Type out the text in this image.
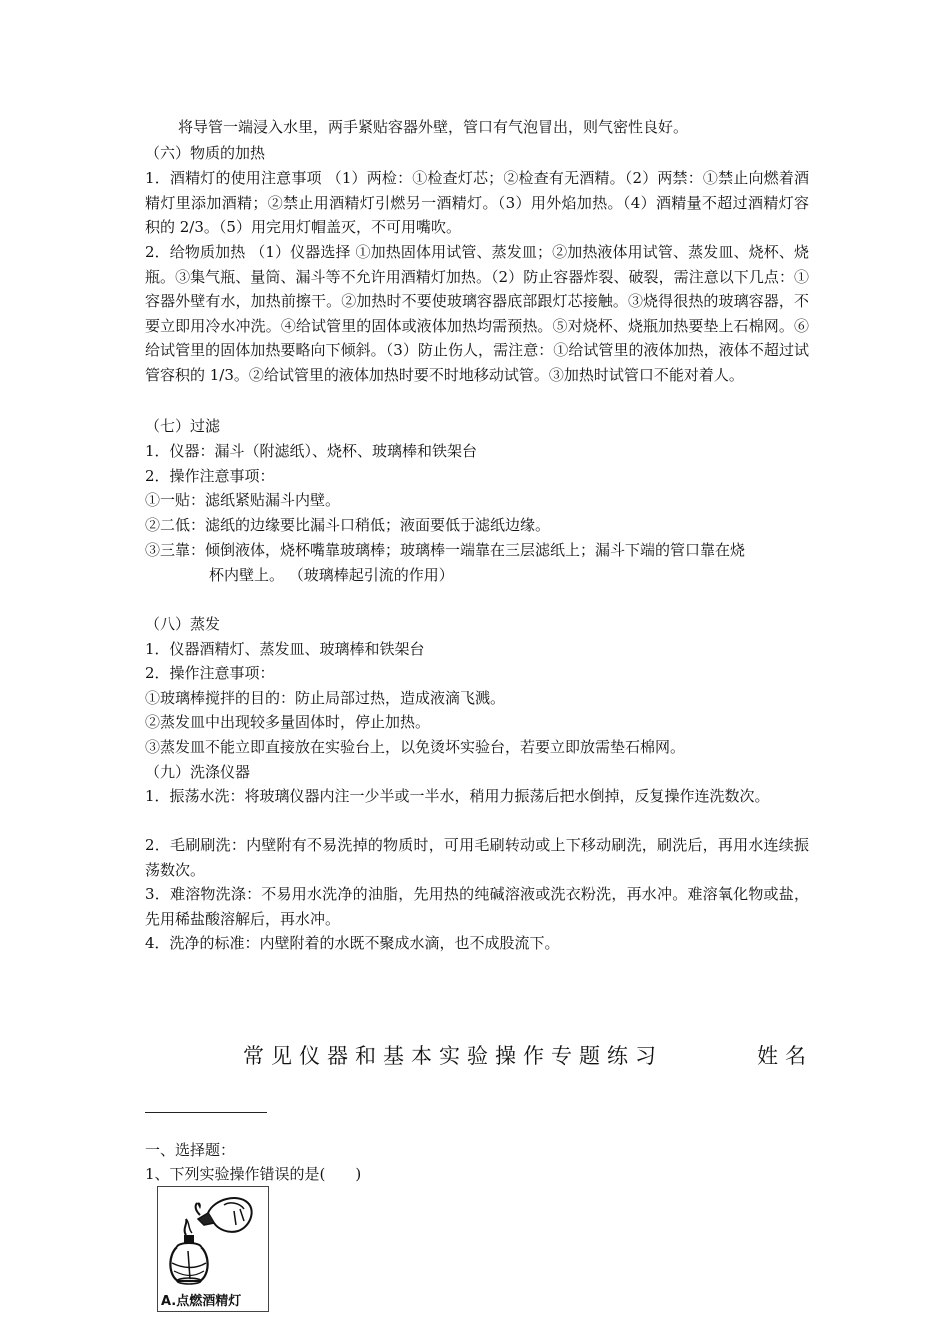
将导管一端浸入水里，两手紧贴容器外壁，管口有气泡冒出，则气密性良好。
（六）物质的加热
1．酒精灯的使用注意事项 （1）两检：①检查灯芯；②检查有无酒精。（2）两禁：①禁止向燃着酒精灯里添加酒精；②禁止用酒精灯引燃另一酒精灯。（3）用外焰加热。（4）酒精量不超过酒精灯容积的 2/3。（5）用完用灯帽盖灭，不可用嘴吹。
2．给物质加热 （1）仪器选择 ①加热固体用试管、蒸发皿；②加热液体用试管、蒸发皿、烧杯、烧瓶。③集气瓶、量筒、漏斗等不允许用酒精灯加热。（2）防止容器炸裂、破裂，需注意以下几点：①容器外壁有水，加热前擦干。②加热时不要使玻璃容器底部跟灯芯接触。③烧得很热的玻璃容器，不要立即用冷水冲洗。④给试管里的固体或液体加热均需预热。⑤对烧杯、烧瓶加热要垫上石棉网。⑥给试管里的固体加热要略向下倾斜。（3）防止伤人，需注意：①给试管里的液体加热，液体不超过试管容积的 1/3。②给试管里的液体加热时要不时地移动试管。③加热时试管口不能对着人。
（七）过滤
1．仪器：漏斗（附滤纸）、烧杯、玻璃棒和铁架台
2．操作注意事项：
①一贴：滤纸紧贴漏斗内壁。
②二低：滤纸的边缘要比漏斗口稍低；液面要低于滤纸边缘。
③三靠：倾倒液体，烧杯嘴靠玻璃棒；玻璃棒一端靠在三层滤纸上；漏斗下端的管口靠在烧
杯内壁上。 （玻璃棒起引流的作用）
（八）蒸发
1．仪器酒精灯、蒸发皿、玻璃棒和铁架台
2．操作注意事项：
①玻璃棒搅拌的目的：防止局部过热，造成液滴飞溅。
②蒸发皿中出现较多量固体时，停止加热。
③蒸发皿不能立即直接放在实验台上，以免烫坏实验台，若要立即放需垫石棉网。
（九）洗涤仪器
1．振荡水洗：将玻璃仪器内注一少半或一半水，稍用力振荡后把水倒掉，反复操作连洗数次。
2．毛刷刷洗：内壁附有不易洗掉的物质时，可用毛刷转动或上下移动刷洗，刷洗后，再用水连续振荡数次。
3．难溶物洗涤：不易用水洗净的油脂，先用热的纯碱溶液或洗衣粉洗，再水冲。难溶氧化物或盐，先用稀盐酸溶解后，再水冲。
4．洗净的标准：内壁附着的水既不聚成水滴，也不成股流下。
常见仪器和基本实验操作专题练习	姓名
一、选择题：
1、下列实验操作错误的是(　　)
A.点燃酒精灯
